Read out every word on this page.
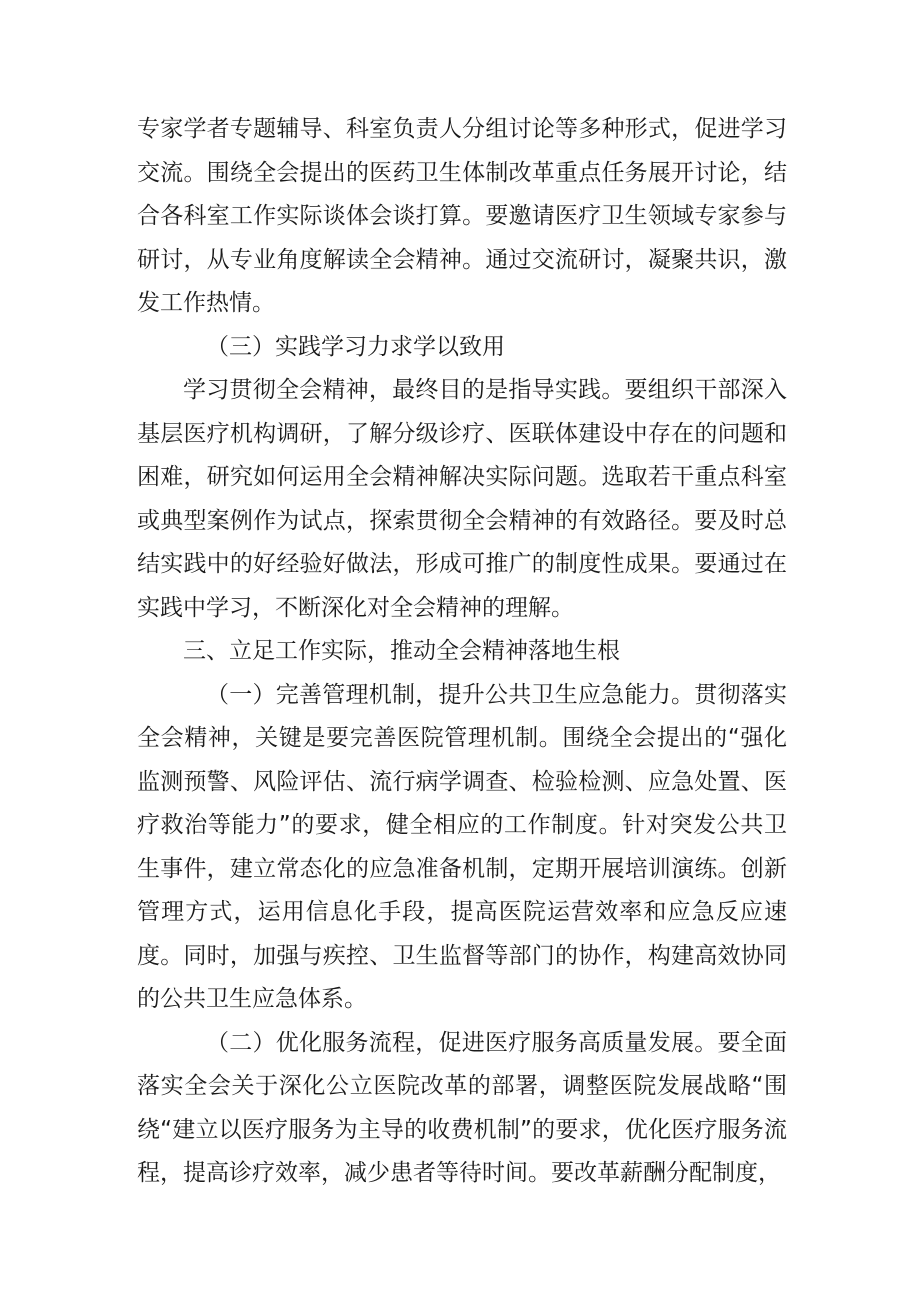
专家学者专题辅导、科室负责人分组讨论等多种形式，促进学习交流。围绕全会提出的医药卫生体制改革重点任务展开讨论，结合各科室工作实际谈体会谈打算。要邀请医疗卫生领域专家参与研讨，从专业角度解读全会精神。通过交流研讨，凝聚共识，激发工作热情。

（三）实践学习力求学以致用

学习贯彻全会精神，最终目的是指导实践。要组织干部深入基层医疗机构调研，了解分级诊疗、医联体建设中存在的问题和困难，研究如何运用全会精神解决实际问题。选取若干重点科室或典型案例作为试点，探索贯彻全会精神的有效路径。要及时总结实践中的好经验好做法，形成可推广的制度性成果。要通过在实践中学习，不断深化对全会精神的理解。

三、立足工作实际，推动全会精神落地生根

（一）完善管理机制，提升公共卫生应急能力。贯彻落实全会精神，关键是要完善医院管理机制。围绕全会提出的“强化监测预警、风险评估、流行病学调查、检验检测、应急处置、医疗救治等能力”的要求，健全相应的工作制度。针对突发公共卫生事件，建立常态化的应急准备机制，定期开展培训演练。创新管理方式，运用信息化手段，提高医院运营效率和应急反应速度。同时，加强与疾控、卫生监督等部门的协作，构建高效协同的公共卫生应急体系。

（二）优化服务流程，促进医疗服务高质量发展。要全面落实全会关于深化公立医院改革的部署，调整医院发展战略“围绕“建立以医疗服务为主导的收费机制”的要求，优化医疗服务流程，提高诊疗效率，减少患者等待时间。要改革薪酬分配制度，
